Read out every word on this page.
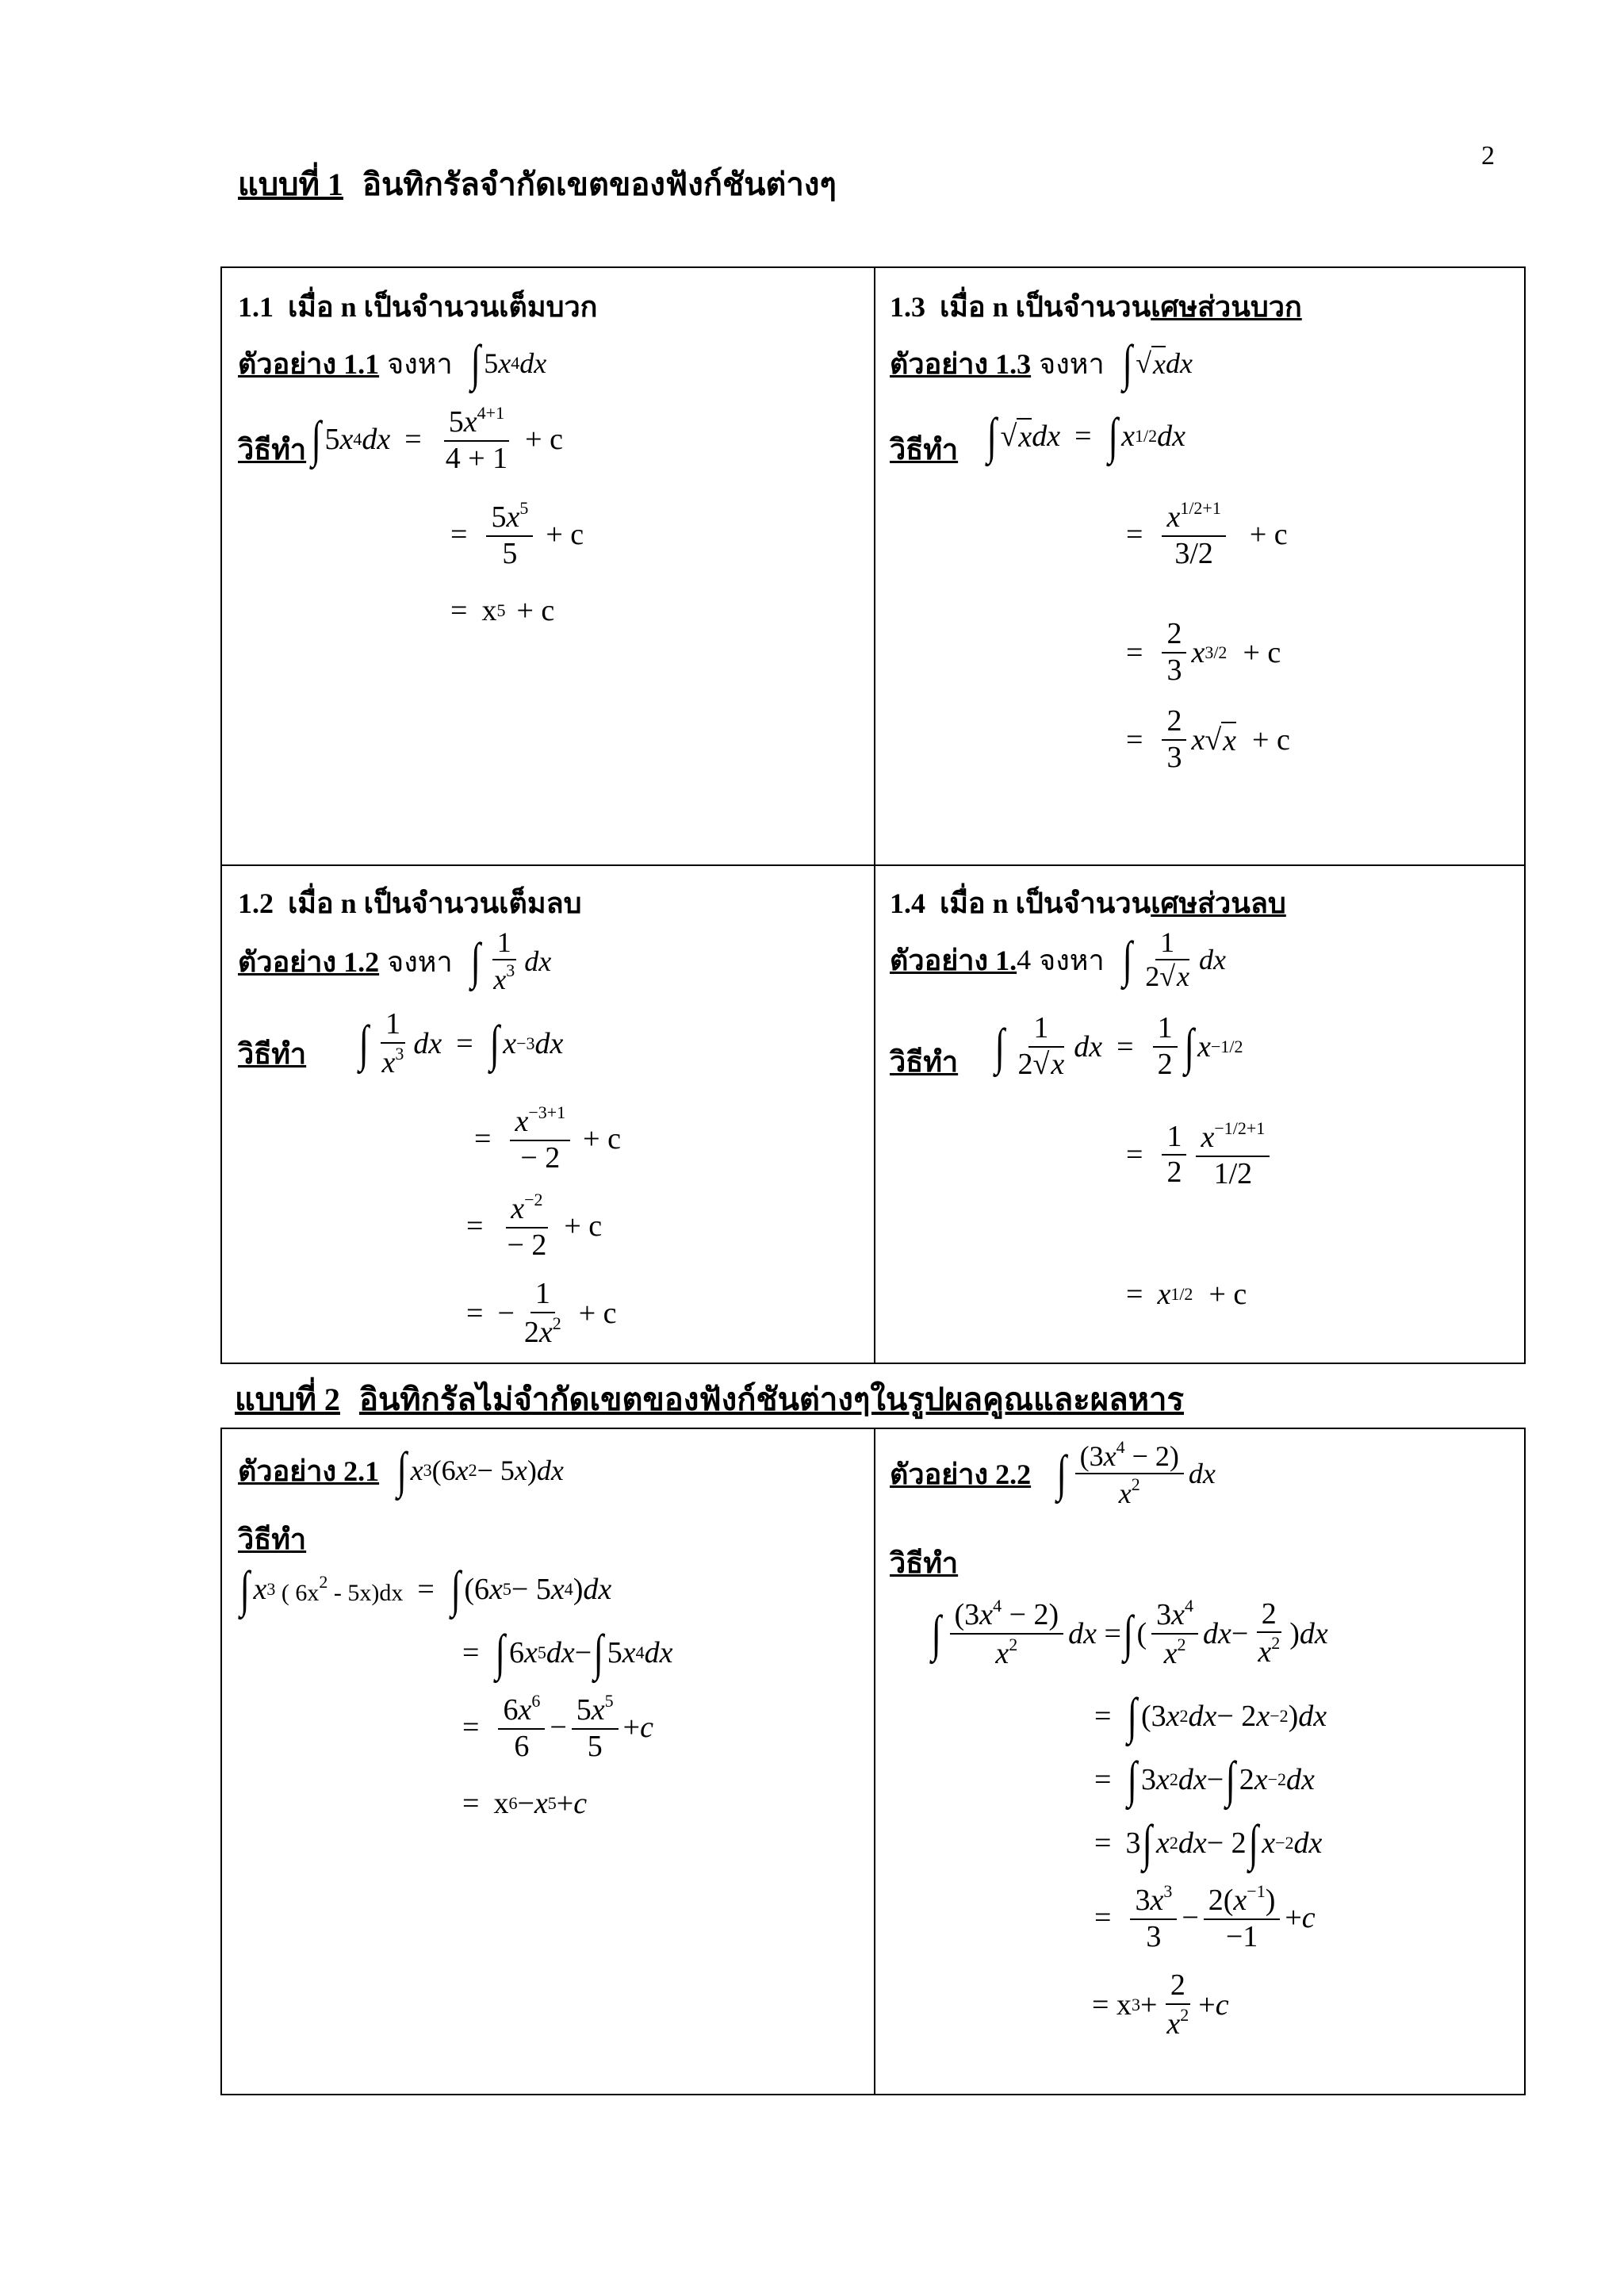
2
แบบที่ 1 อินทิกรัลจำกัดเขตของฟังก์ชันต่างๆ
1.1 เมื่อ n เป็นจำนวนเต็มบวก
ตัวอย่าง 1.1 จงหา ∫ 5 x 4 dx
วิธีทำ ∫ 5 x 4 dx = $\frac{5x^{4+1}}{4 + 1} + c$
= $\frac{5x^5}{5} + c$
= x 5 + c
1.3 เมื่อ n เป็นจำนวนเศษส่วนบวก
ตัวอย่าง 1.3 จงหา ∫ √ x dx
วิธีทำ ∫ √ x dx = ∫ x 1/2 dx
= $\frac{x^{1/2+1}}{3/2} + c$
= $\frac{2}{3}$ x 3/2 + c
= $\frac{2}{3}$ x √ x + c
1.2 เมื่อ n เป็นจำนวนเต็มลบ
ตัวอย่าง 1.2 จงหา ∫ $\frac{1}{x^3}$ dx
วิธีทำ ∫ $\frac{1}{x^3}$ dx = ∫ x −3 dx
= $\frac{x^{-3+1}}{- 2} + c$
= $\frac{x^{-2}}{- 2} + c$
= − $\frac{1}{2x^2} + c$
1.4 เมื่อ n เป็นจำนวนเศษส่วนลบ
ตัวอย่าง 1. 4 จงหา ∫ $\frac{1}{2√x}$ dx
วิธีทำ ∫ $\frac{1}{2√x}$ dx = $\frac{1}{2}$ ∫ x −1/2
= $\frac{1}{2} \frac{x^{-1/2+1}}{1/2}$
= x 1/2 + c
แบบที่ 2 อินทิกรัลไม่จำกัดเขตของฟังก์ชันต่างๆในรูปผลคูณและผลหาร
ตัวอย่าง 2.1 ∫ x 3 (6 x 2 − 5 x ) dx
วิธีทำ
∫ x 3 ( $6x^2 - 5x)dx$ = ∫ (6 x 5 − 5 x 4 ) dx
= ∫ 6 x 5 dx − ∫ 5 x 4 dx
= $\frac{6x^6}{6} - \frac{5x^5}{5} + c$
= x 6 − x 5 + c
ตัวอย่าง 2.2 ∫ $\frac{(3x^4 - 2)}{x^2}$ dx
วิธีทำ
∫ $\frac{(3x^4 - 2)}{x^2}$ dx = ∫ ( $\frac{3x^4}{x^2}$ dx − $\frac{2}{x^2}$ ) dx
= ∫ (3 x 2 dx − 2 x −2 ) dx
= ∫ 3 x 2 dx − ∫ 2 x −2 dx
= 3 ∫ x 2 dx − 2 ∫ x −2 dx
= $\frac{3x^3}{3} - \frac{2(x^{-1})}{-1} + c$
= x $3 + \frac{2}{x^2} + c$
